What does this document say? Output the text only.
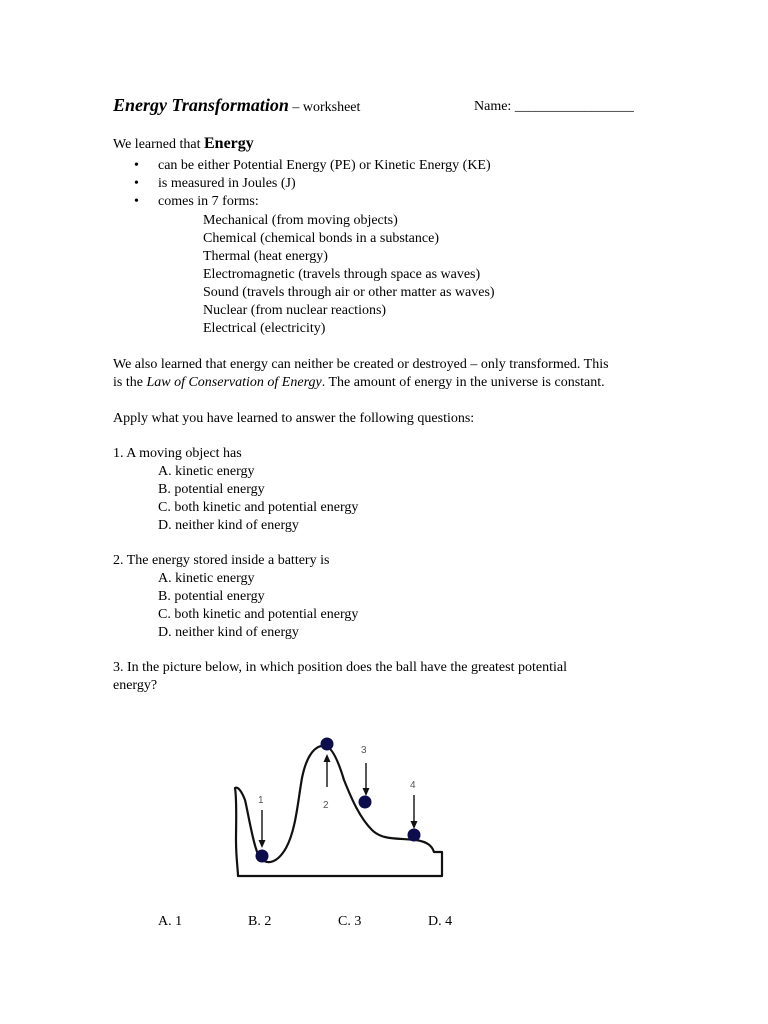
Energy Transformation – worksheet	Name: _________________
We learned that Energy
• can be either Potential Energy (PE) or Kinetic Energy (KE)
• is measured in Joules (J)
• comes in 7 forms:
Mechanical (from moving objects)
Chemical (chemical bonds in a substance)
Thermal (heat energy)
Electromagnetic (travels through space as waves)
Sound (travels through air or other matter as waves)
Nuclear (from nuclear reactions)
Electrical (electricity)
We also learned that energy can neither be created or destroyed – only transformed. This
is the Law of Conservation of Energy. The amount of energy in the universe is constant.
Apply what you have learned to answer the following questions:
1. A moving object has
A. kinetic energy
B. potential energy
C. both kinetic and potential energy
D. neither kind of energy
2. The energy stored inside a battery is
A. kinetic energy
B. potential energy
C. both kinetic and potential energy
D. neither kind of energy
3. In the picture below, in which position does the ball have the greatest potential
energy?
1	2
3
4
A. 1	B. 2	C. 3	D. 4
